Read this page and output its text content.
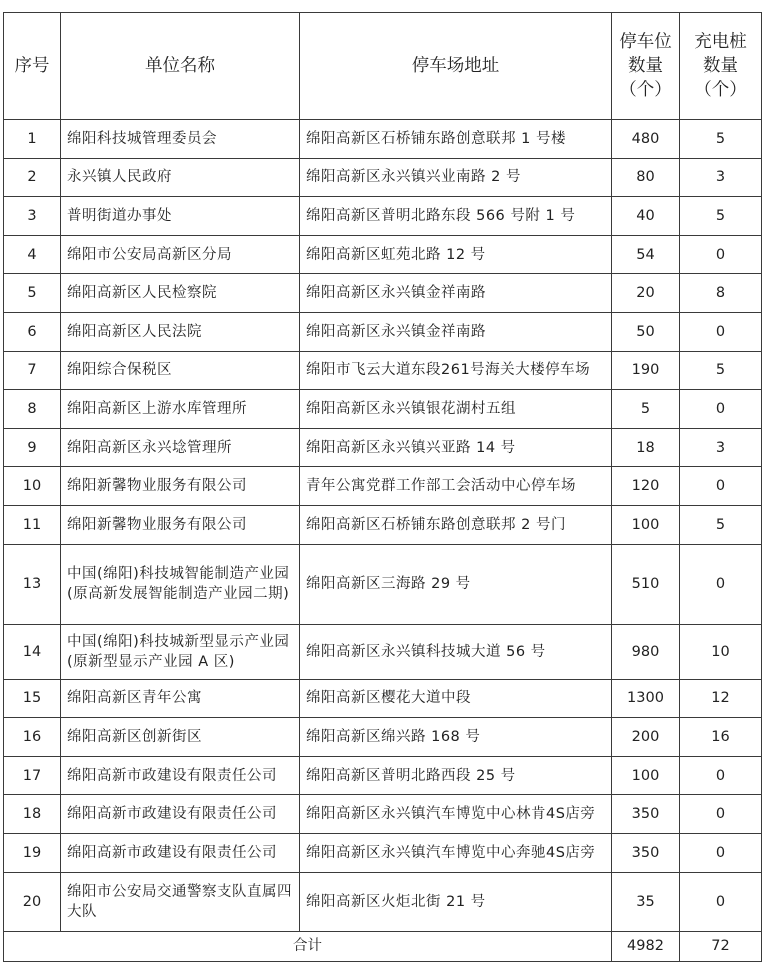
序号	单位名称	停车场地址	停车位数量（个）	充电桩数量（个）
1	绵阳科技城管理委员会	绵阳高新区石桥铺东路创意联邦 1 号楼	480	5
2	永兴镇人民政府	绵阳高新区永兴镇兴业南路 2 号	80	3
3	普明街道办事处	绵阳高新区普明北路东段 566 号附 1 号	40	5
4	绵阳市公安局高新区分局	绵阳高新区虹苑北路 12 号	54	0
5	绵阳高新区人民检察院	绵阳高新区永兴镇金祥南路	20	8
6	绵阳高新区人民法院	绵阳高新区永兴镇金祥南路	50	0
7	绵阳综合保税区	绵阳市飞云大道东段261号海关大楼停车场	190	5
8	绵阳高新区上游水库管理所	绵阳高新区永兴镇银花湖村五组	5	0
9	绵阳高新区永兴埝管理所	绵阳高新区永兴镇兴亚路 14 号	18	3
10	绵阳新馨物业服务有限公司	青年公寓党群工作部工会活动中心停车场	120	0
11	绵阳新馨物业服务有限公司	绵阳高新区石桥铺东路创意联邦 2 号门	100	5
13	中国(绵阳)科技城智能制造产业园(原高新发展智能制造产业园二期)	绵阳高新区三海路 29 号	510	0
14	中国(绵阳)科技城新型显示产业园(原新型显示产业园 A 区)	绵阳高新区永兴镇科技城大道 56 号	980	10
15	绵阳高新区青年公寓	绵阳高新区樱花大道中段	1300	12
16	绵阳高新区创新街区	绵阳高新区绵兴路 168 号	200	16
17	绵阳高新市政建设有限责任公司	绵阳高新区普明北路西段 25 号	100	0
18	绵阳高新市政建设有限责任公司	绵阳高新区永兴镇汽车博览中心林肯4S店旁	350	0
19	绵阳高新市政建设有限责任公司	绵阳高新区永兴镇汽车博览中心奔驰4S店旁	350	0
20	绵阳市公安局交通警察支队直属四大队	绵阳高新区火炬北街 21 号	35	0
合计			4982	72
